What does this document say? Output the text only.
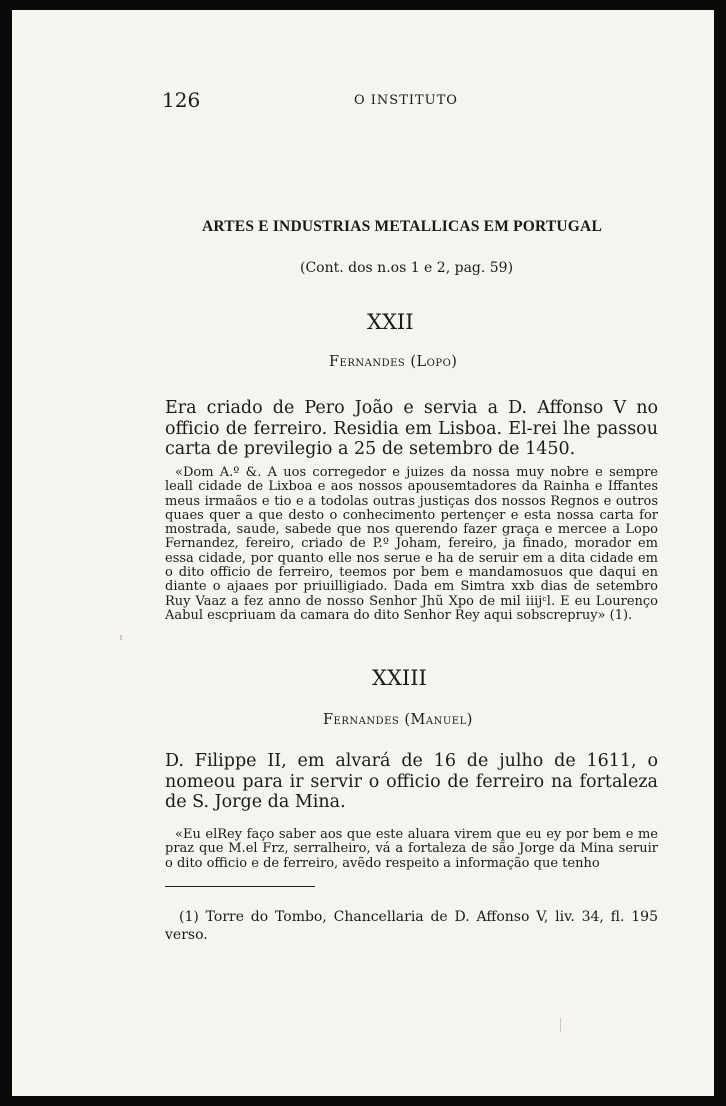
126	O INSTITUTO
ARTES E INDUSTRIAS METALLICAS EM PORTUGAL
(Cont. dos n.os 1 e 2, pag. 59)
XXII
Fernandes (Lopo)
Era criado de Pero João e servia a D. Affonso V no officio de ferreiro. Residia em Lisboa. El-rei lhe passou carta de previlegio a 25 de setembro de 1450.
«Dom A.º &. A uos corregedor e juizes da nossa muy nobre e sempre leall cidade de Lixboa e aos nossos apousemtadores da Rainha e Iffantes meus irmaãos e tio e a todolas outras justiças dos nossos Regnos e outros quaes quer a que desto o conhecimento pertençer e esta nossa carta for mostrada, saude, sabede que nos querendo fazer graça e mercee a Lopo Fernandez, fereiro, criado de P.º Joham, fereiro, ja finado, morador em essa cidade, por quanto elle nos serue e ha de seruir em a dita cidade em o dito officio de ferreiro, teemos por bem e mandamosuos que daqui en diante o ajaaes por priuilligiado. Dada em Simtra xxb dias de setembro Ruy Vaaz a fez anno de nosso Senhor Jhũ Xpo de mil iiijᶜl. E eu Lourenço Aabul escpriuam da camara do dito Senhor Rey aqui sobscrepruy» (1).
XXIII
Fernandes (Manuel)
D. Filippe II, em alvará de 16 de julho de 1611, o nomeou para ir servir o officio de ferreiro na fortaleza de S. Jorge da Mina.
«Eu elRey faço saber aos que este aluara virem que eu ey por bem e me praz que M.el Frz, serralheiro, vá a fortaleza de são Jorge da Mina seruir o dito officio e de ferreiro, avẽdo respeito a informação que tenho
(1) Torre do Tombo, Chancellaria de D. Affonso V, liv. 34, fl. 195 verso.
